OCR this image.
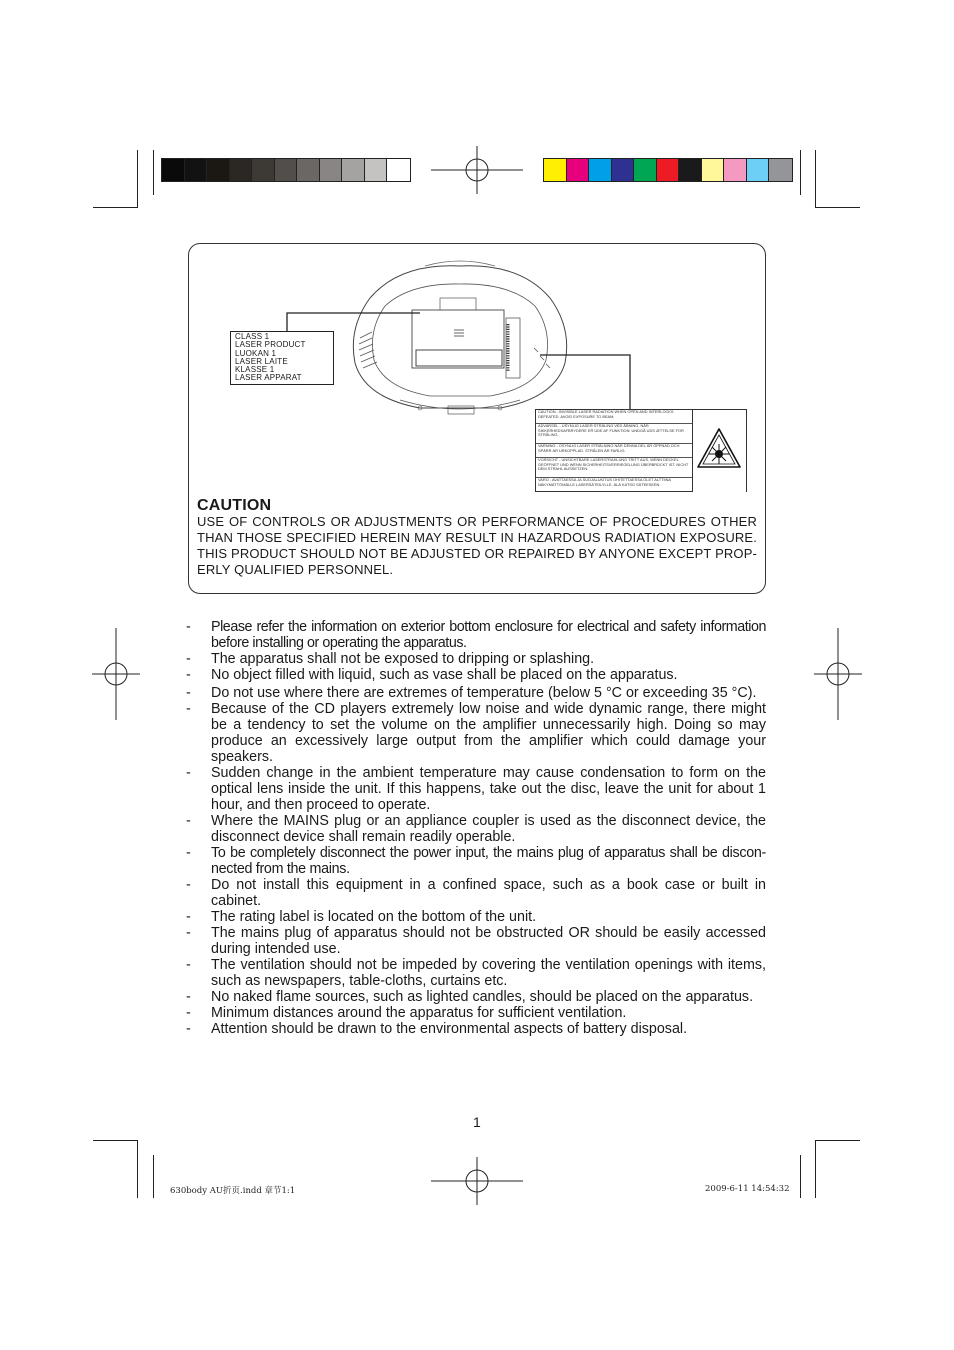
CLASS 1
LASER PRODUCT
LUOKAN 1
LASER LAITE
KLASSE 1
LASER APPARAT
CAUTION - INVISIBLE LASER RADIATION WHEN OPEN AND INTERLOCKS DEFEATED. AVOID EXPOSURE TO BEAM.
ADVARSEL - USYNLIG LASER STRÅLING VED ÅBNING, NÅR SIKKERHEDSAFBRYDERE ER UDE AF FUNKTION. UNDGÅ UDS ÆTTELSE FOR STRÅLING.
VARNING - OSYNLIG LASER STRÅLNING NÄR DENNA DEL ÄR ÖPPNAD OCH SPÄRR ÄR URKOPPLAD. STRÅLEN ÄR FARLIG.
VORSICHT - UNSICHTBARE LASERSTRAHLUNG TRITT AUS, WENN DECKEL GEÖFFNET UND WENN SICHERHEITSVERRIEGELUNG ÜBERBRÜCKT IST. NICHT DEM STRAHL AUSSETZEN.
VARO - AVATTAESSA JA SUOJALUKITUS OHITETTAESSA OLET ALTTIINA NÄKYMÄTTÖMÄLLE LASERSÄTEILYLLE. ÄLÄ KATSO SÄTEESEEN.
CAUTION
USE OF CONTROLS OR ADJUSTMENTS OR PERFORMANCE OF PROCEDURES OTHER THAN THOSE SPECIFIED HEREIN MAY RESULT IN HAZARDOUS RADIATION EXPOSURE. THIS PRODUCT SHOULD NOT BE ADJUSTED OR REPAIRED BY ANYONE EXCEPT PROP-ERLY QUALIFIED PERSONNEL.
- Please refer the information on exterior bottom enclosure for electrical and safety information before installing or operating the apparatus.
- The apparatus shall not be exposed to dripping or splashing.
- No object filled with liquid, such as vase shall be placed on the apparatus.
- Do not use where there are extremes of temperature (below 5 °C or exceeding 35 °C).
- Because of the CD players extremely low noise and wide dynamic range, there might be a tendency to set the volume on the amplifier unnecessarily high. Doing so may produce an excessively large output from the amplifier which could damage your speakers.
- Sudden change in the ambient temperature may cause condensation to form on the optical lens inside the unit. If this happens, take out the disc, leave the unit for about 1 hour, and then proceed to operate.
- Where the MAINS plug or an appliance coupler is used as the disconnect device, the disconnect device shall remain readily operable.
- To be completely disconnect the power input, the mains plug of apparatus shall be discon-nected from the mains.
- Do not install this equipment in a confined space, such as a book case or built in cabinet.
- The rating label is located on the bottom of the unit.
- The mains plug of apparatus should not be obstructed OR should be easily accessed during intended use.
- The ventilation should not be impeded by covering the ventilation openings with items, such as newspapers, table-cloths, curtains etc.
- No naked flame sources, such as lighted candles, should be placed on the apparatus.
- Minimum distances around the apparatus for sufficient ventilation.
- Attention should be drawn to the environmental aspects of battery disposal.
1
630body AU折页.indd 章节1:1	2009-6-11 14:54:32
